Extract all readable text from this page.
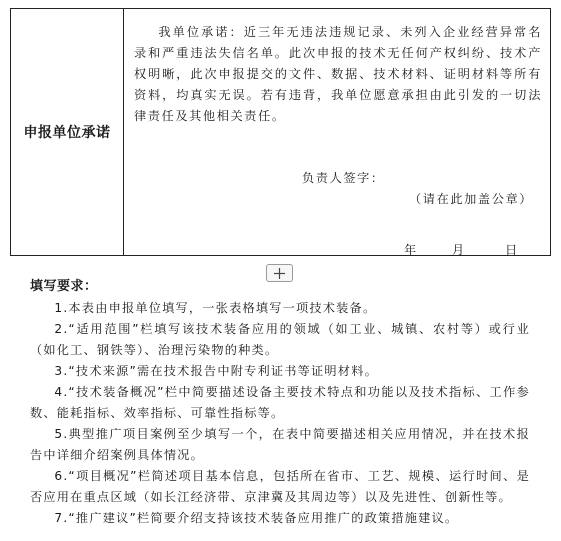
申报单位承诺	

我单位承诺：近三年无违法违规记录、未列入企业经营异常名录和严重违法失信名单。此次申报的技术无任何产权纠纷、技术产权明晰，此次申报提交的文件、数据、技术材料、证明材料等所有资料，均真实无误。若有违背，我单位愿意承担由此引发的一切法律责任及其他相关责任。

负责人签字：
（请在此加盖公章）
年	月	日

填写要求：

1.本表由申报单位填写，一张表格填写一项技术装备。

2.“适用范围”栏填写该技术装备应用的领域（如工业、城镇、农村等）或行业（如化工、钢铁等）、治理污染物的种类。

3.“技术来源”需在技术报告中附专利证书等证明材料。

4.“技术装备概况”栏中简要描述设备主要技术特点和功能以及技术指标、工作参数、能耗指标、效率指标、可靠性指标等。

5.典型推广项目案例至少填写一个，在表中简要描述相关应用情况，并在技术报告中详细介绍案例具体情况。

6.“项目概况”栏简述项目基本信息，包括所在省市、工艺、规模、运行时间、是否应用在重点区域（如长江经济带、京津冀及其周边等）以及先进性、创新性等。

7.“推广建议”栏简要介绍支持该技术装备应用推广的政策措施建议。
